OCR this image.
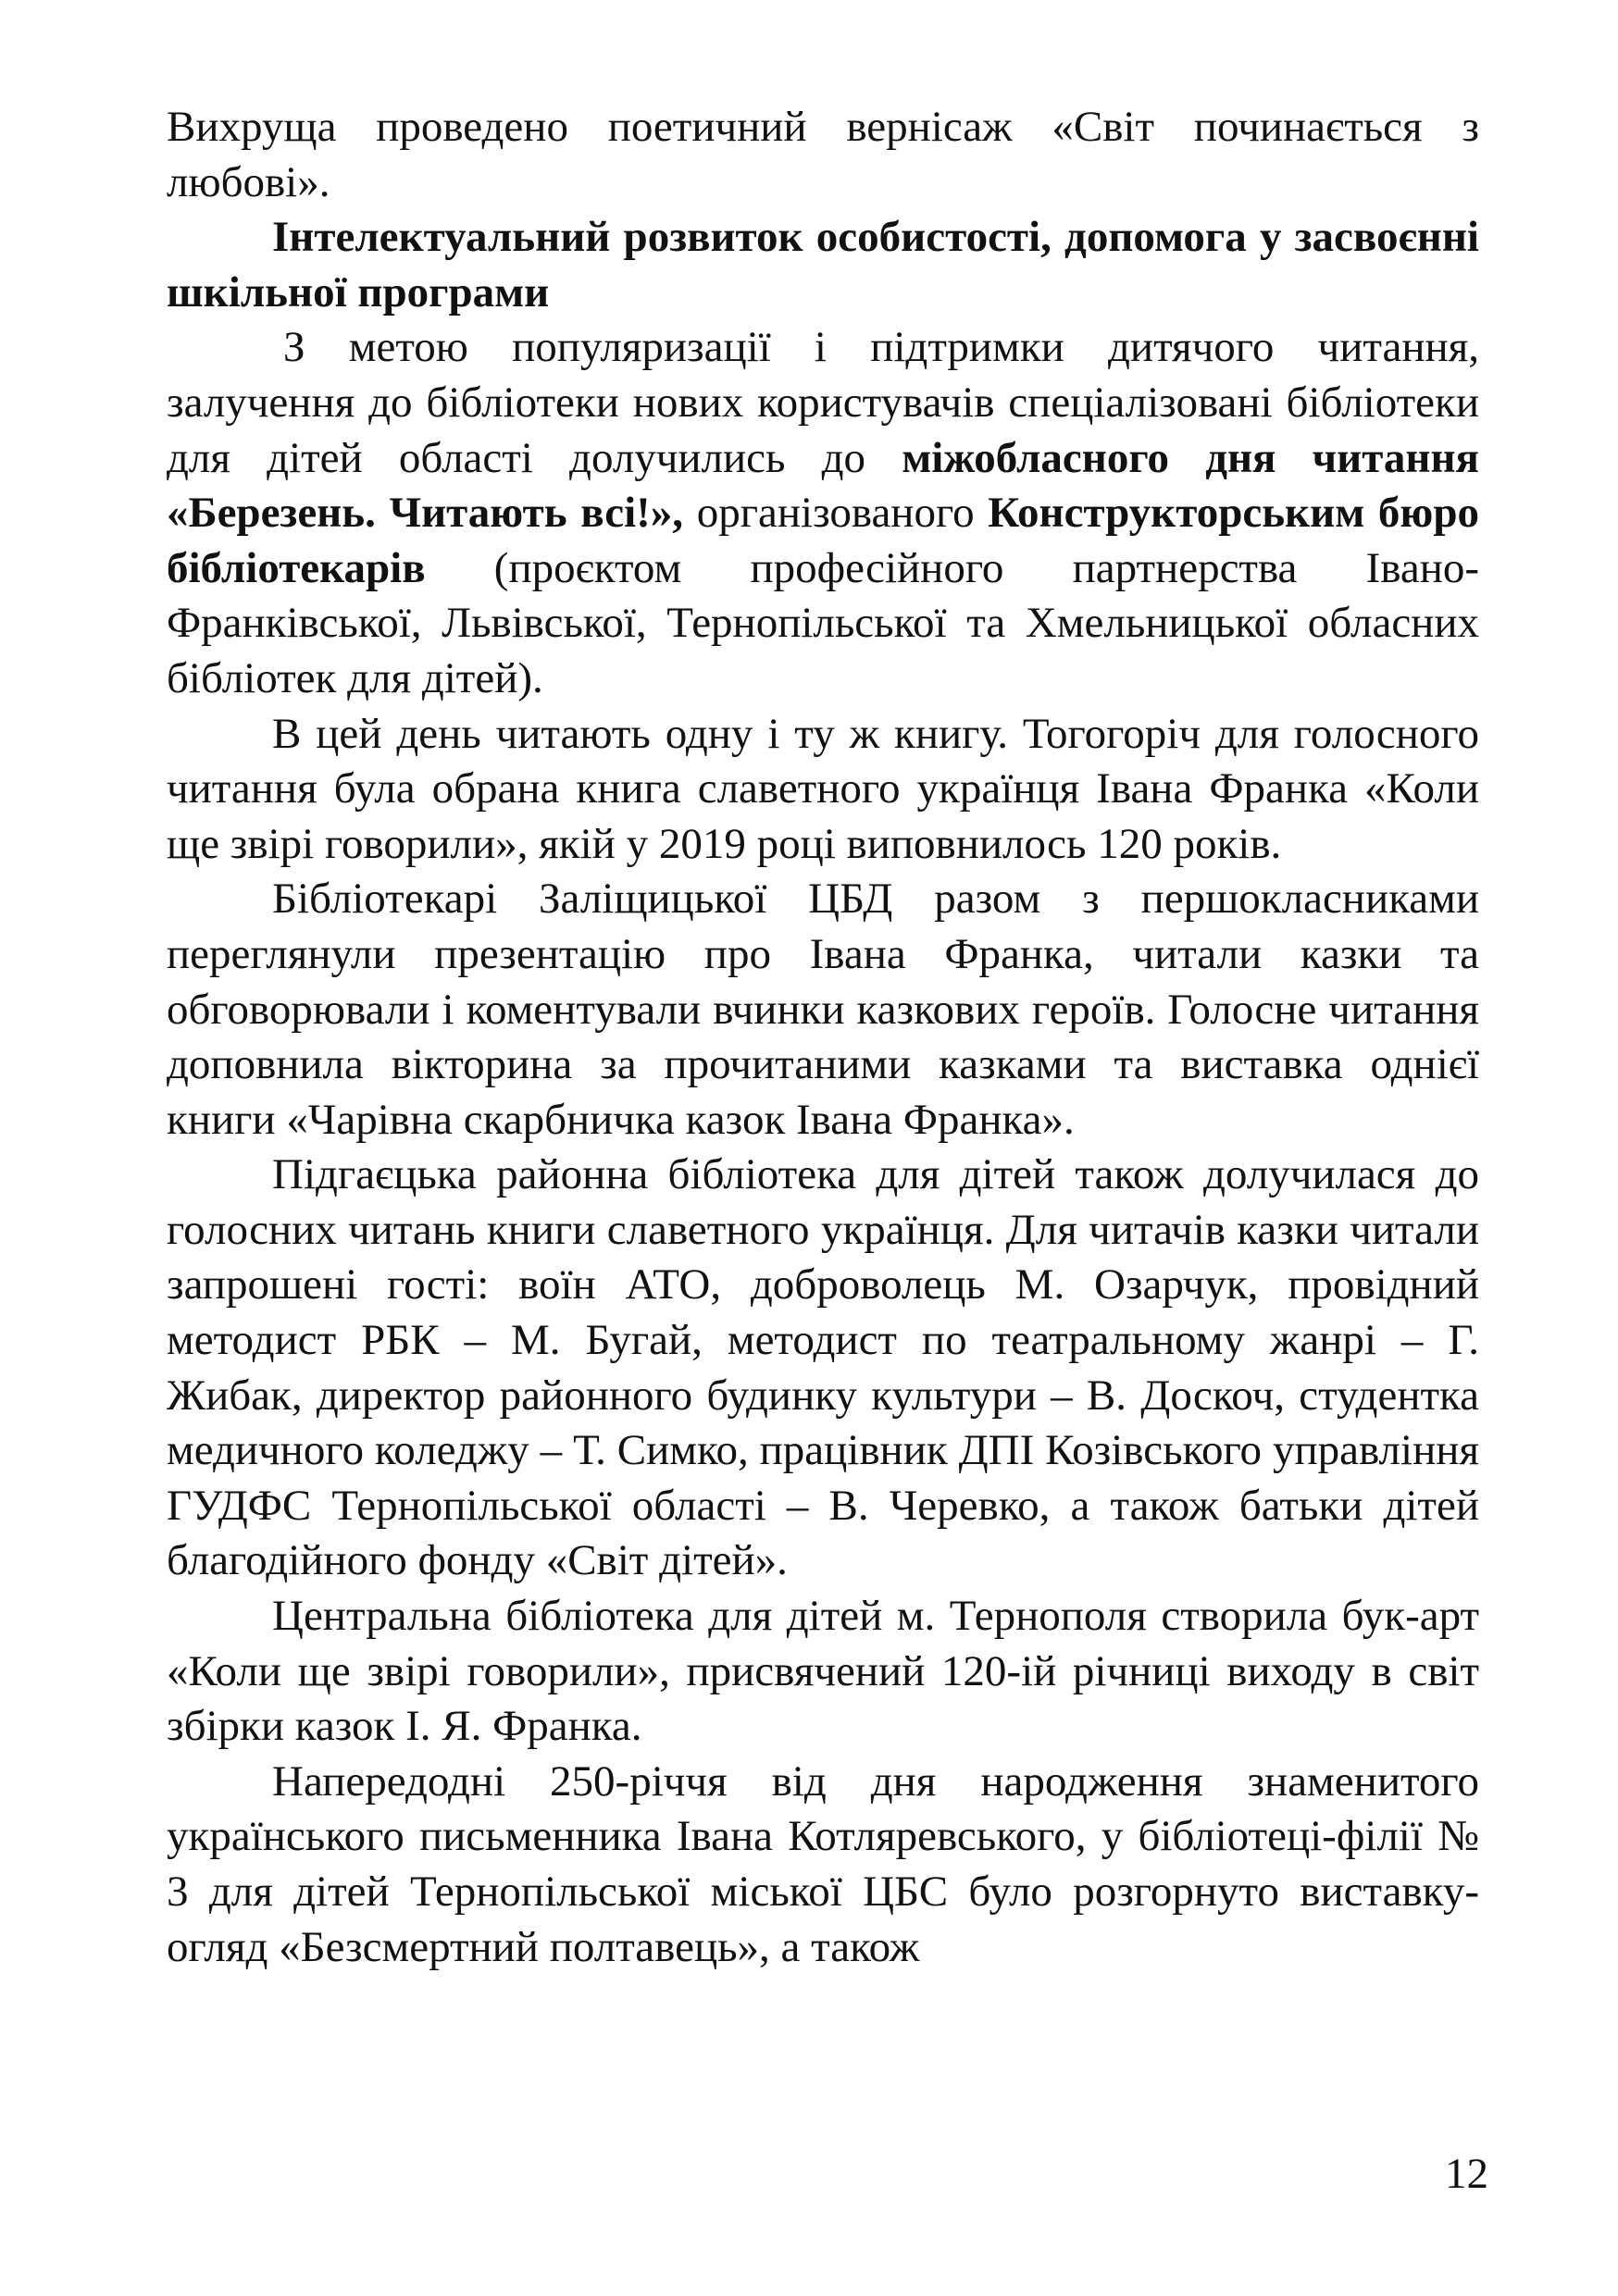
Вихруща проведено поетичний вернісаж «Світ починається з любові».

Інтелектуальний розвиток особистості, допомога у засвоєнні шкільної програми

З метою популяризації і підтримки дитячого читання, залучення до бібліотеки нових користувачів спеціалізовані бібліотеки для дітей області долучились до міжобласного дня читання «Березень. Читають всі!», організованого Конструкторським бюро бібліотекарів (проєктом професійного партнерства Івано-Франківської, Львівської, Тернопільської та Хмельницької обласних бібліотек для дітей).

В цей день читають одну і ту ж книгу. Тогогоріч для голосного читання була обрана книга славетного українця Івана Франка «Коли ще звірі говорили», якій у 2019 році виповнилось 120 років.

Бібліотекарі Заліщицької ЦБД разом з першокласниками переглянули презентацію про Івана Франка, читали казки та обговорювали і коментували вчинки казкових героїв. Голосне читання доповнила вікторина за прочитаними казками та виставка однієї книги «Чарівна скарбничка казок Івана Франка».

Підгаєцька районна бібліотека для дітей також долучилася до голосних читань книги славетного українця. Для читачів казки читали запрошені гості: воїн АТО, доброволець М. Озарчук, провідний методист РБК – М. Бугай, методист по театральному жанрі – Г. Жибак, директор районного будинку культури – В. Доскоч, студентка медичного коледжу – Т. Симко, працівник ДПІ Козівського управління ГУДФС Тернопільської області – В. Черевко, а також батьки дітей благодійного фонду «Світ дітей».

Центральна бібліотека для дітей м. Тернополя створила бук-арт «Коли ще звірі говорили», присвячений 120-ій річниці виходу в світ збірки казок І. Я. Франка.

Напередодні 250-річчя від дня народження знаменитого українського письменника Івана Котляревського, у бібліотеці-філії № 3 для дітей Тернопільської міської ЦБС було розгорнуто виставку-огляд «Безсмертний полтавець», а також

12
